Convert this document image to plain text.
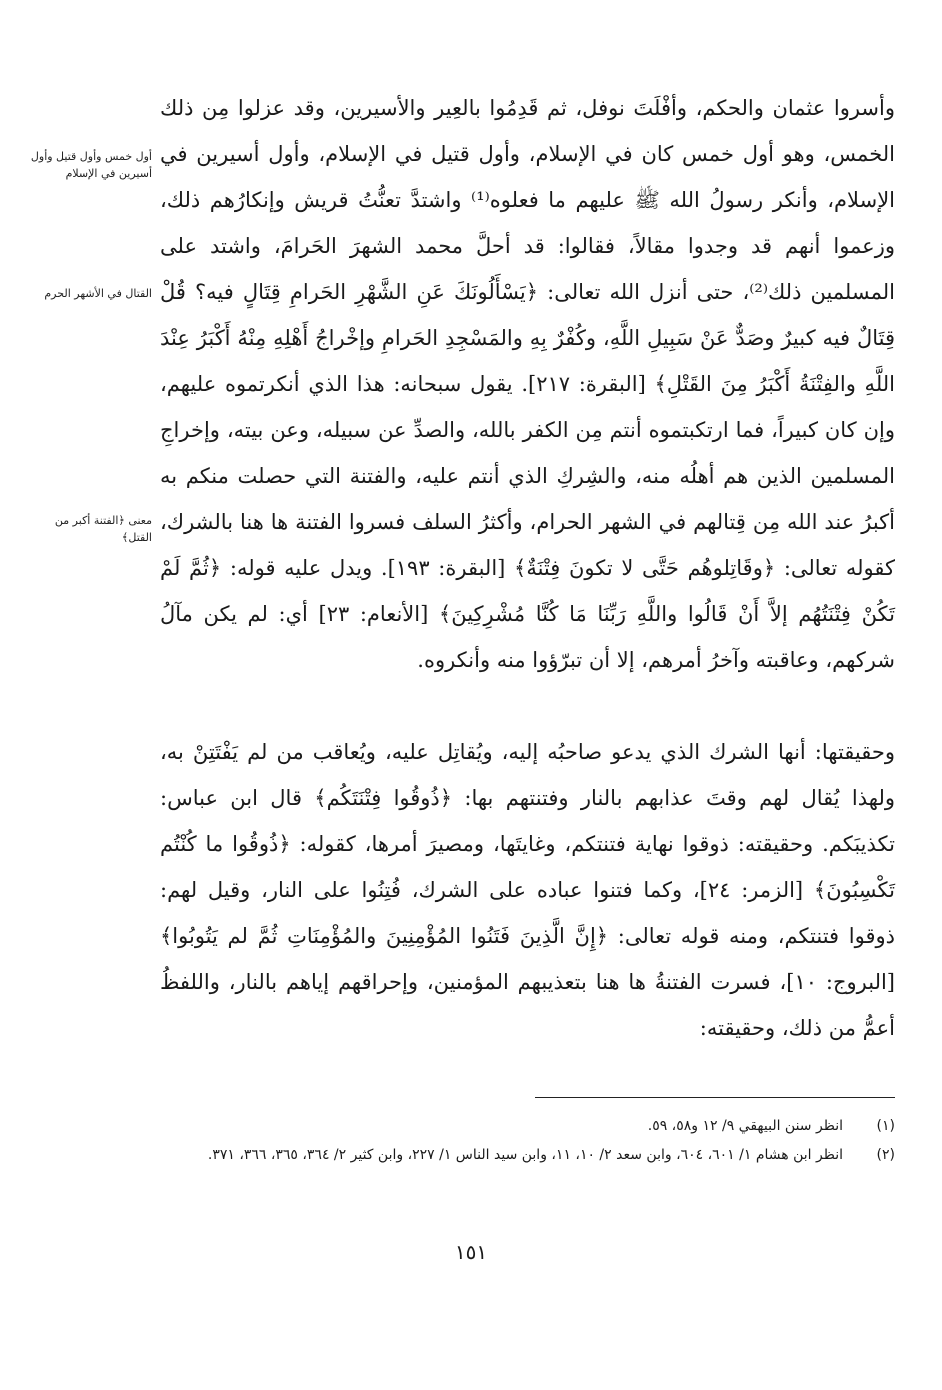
وأسروا عثمان والحكم، وأفْلَتَ نوفل، ثم قَدِمُوا بالعِير والأسيرين، وقد عزلوا مِن ذلك الخمس، وهو أول خمس كان في الإسلام، وأول قتيل في الإسلام، وأول أسيرين في الإسلام، وأنكر رسولُ الله ﷺ عليهم ما فعلوه⁽¹⁾ واشتدَّ تعنُّتُ قريش وإنكارُهم ذلك، وزعموا أنهم قد وجدوا مقالاً، فقالوا: قد أحلَّ محمد الشهرَ الحَرامَ، واشتد على المسلمين ذلك⁽²⁾، حتى أنزل الله تعالى: ﴿يَسْأَلُونَكَ عَنِ الشَّهْرِ الحَرامِ قِتَالٍ فيه؟ قُلْ قِتَالٌ فيه كبيرٌ وصَدٌّ عَنْ سَبِيلِ اللَّهِ، وكُفْرٌ بِهِ والمَسْجِدِ الحَرامِ وإخْراجُ أَهْلِهِ مِنْهُ أَكْبَرُ عِنْدَ اللَّهِ والفِتْنَةُ أَكْبَرُ مِنَ القَتْلِ﴾ [البقرة: ٢١٧]. يقول سبحانه: هذا الذي أنكرتموه عليهم، وإن كان كبيراً، فما ارتكبتموه أنتم مِن الكفر بالله، والصدِّ عن سبيله، وعن بيته، وإخراجِ المسلمين الذين هم أهلُه منه، والشِركِ الذي أنتم عليه، والفتنة التي حصلت منكم به أكبرُ عند الله مِن قِتالهم في الشهر الحرام، وأكثرُ السلف فسروا الفتنة ها هنا بالشرك، كقوله تعالى: ﴿وقَاتِلوهُم حَتَّى لا تكونَ فِتْنَةٌ﴾ [البقرة: ١٩٣]. ويدل عليه قوله: ﴿ثُمَّ لَمْ تَكُنْ فِتْنَتُهُم إلاَّ أَنْ قَالُوا واللَّهِ رَبِّنَا مَا كُنَّا مُشْرِكِينَ﴾ [الأنعام: ٢٣] أي: لم يكن مآلُ شركهم، وعاقبته وآخرُ أمرهم، إلا أن تبرّؤوا منه وأنكروه.

وحقيقتها: أنها الشرك الذي يدعو صاحبُه إليه، ويُقاتِل عليه، ويُعاقب من لم يَفْتَتِنْ به، ولهذا يُقال لهم وقتَ عذابهم بالنار وفتنتهم بها: ﴿ذُوقُوا فِتْنَتَكُم﴾ قال ابن عباس: تكذيبَكم. وحقيقته: ذوقوا نهاية فتنتكم، وغايتَها، ومصيرَ أمرها، كقوله: ﴿ذُوقُوا ما كُنْتُم تَكْسِبُونَ﴾ [الزمر: ٢٤]، وكما فتنوا عباده على الشرك، فُتِنُوا على النار، وقيل لهم: ذوقوا فتنتكم، ومنه قوله تعالى: ﴿إِنَّ الَّذِينَ فَتَنُوا المُؤْمِنِينَ والمُؤْمِنَاتِ ثُمَّ لم يَتُوبُوا﴾ [البروج: ١٠]، فسرت الفتنةُ ها هنا بتعذيبهم المؤمنين، وإحراقهم إياهم بالنار، واللفظُ أعمُّ من ذلك، وحقيقته:

أول خمس وأول قتيل وأول أسيرين في الإسلام
القتال في الأشهر الحرم
معنى ﴿الفتنة أكبر من القتل﴾
(١)
انظر سنن البيهقي ٩/ ١٢ و٥٨، ٥٩.
(٢)
انظر ابن هشام ١/ ٦٠١، ٦٠٤، وابن سعد ٢/ ١٠، ١١، وابن سيد الناس ١/ ٢٢٧، وابن كثير ٢/ ٣٦٤، ٣٦٥، ٣٦٦، ٣٧١.
١٥١
